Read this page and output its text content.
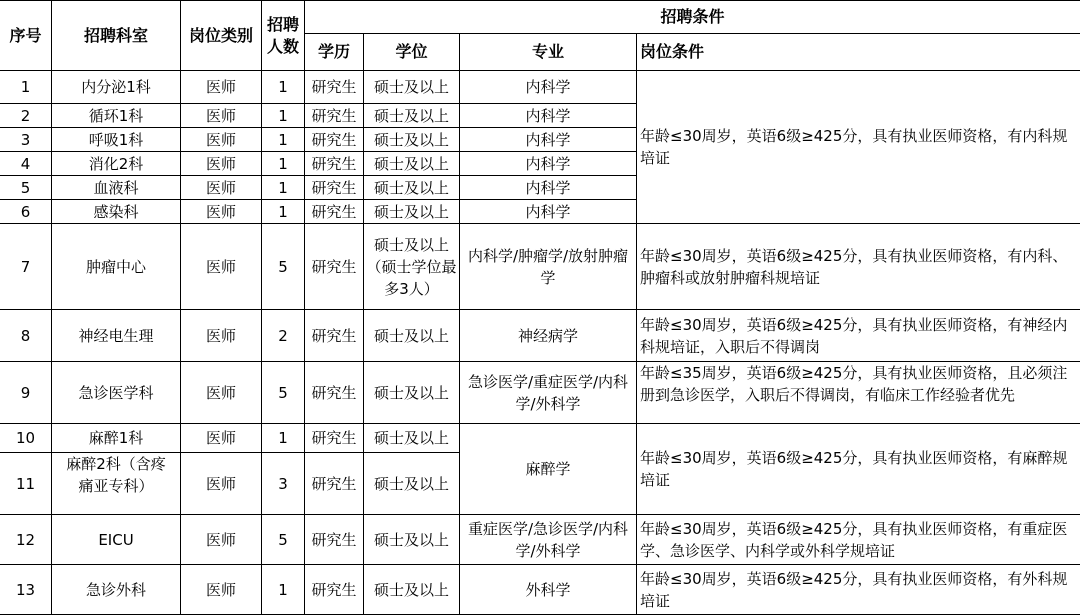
序号	招聘科室	岗位类别	招聘人数	招聘条件			
				学历	学位	专业	岗位条件
1	内分泌1科	医师	1	研究生	硕士及以上	内科学	年龄≤30周岁，英语6级≥425分，具有执业医师资格，有内科规培证
2	循环1科	医师	1	研究生	硕士及以上	内科学	
3	呼吸1科	医师	1	研究生	硕士及以上	内科学	
4	消化2科	医师	1	研究生	硕士及以上	内科学	
5	血液科	医师	1	研究生	硕士及以上	内科学	
6	感染科	医师	1	研究生	硕士及以上	内科学	
7	肿瘤中心	医师	5	研究生	硕士及以上（硕士学位最多3人）	内科学/肿瘤学/放射肿瘤学	年龄≤30周岁，英语6级≥425分，具有执业医师资格，有内科、肿瘤科或放射肿瘤科规培证
8	神经电生理	医师	2	研究生	硕士及以上	神经病学	年龄≤30周岁，英语6级≥425分，具有执业医师资格，有神经内科规培证，入职后不得调岗
9	急诊医学科	医师	5	研究生	硕士及以上	急诊医学/重症医学/内科学/外科学	年龄≤35周岁，英语6级≥425分，具有执业医师资格，且必须注册到急诊医学，入职后不得调岗，有临床工作经验者优先

10	麻醉1科	医师	1	研究生	硕士及以上	麻醉学	年龄≤30周岁，英语6级≥425分，具有执业医师资格，有麻醉规培证
11	麻醉2科（含疼痛亚专科）	医师	3	研究生	硕士及以上		
12	EICU	医师	5	研究生	硕士及以上	重症医学/急诊医学/内科学/外科学	年龄≤30周岁，英语6级≥425分，具有执业医师资格，有重症医学、急诊医学、内科学或外科学规培证
13	急诊外科	医师	1	研究生	硕士及以上	外科学	年龄≤30周岁，英语6级≥425分，具有执业医师资格，有外科规培证
